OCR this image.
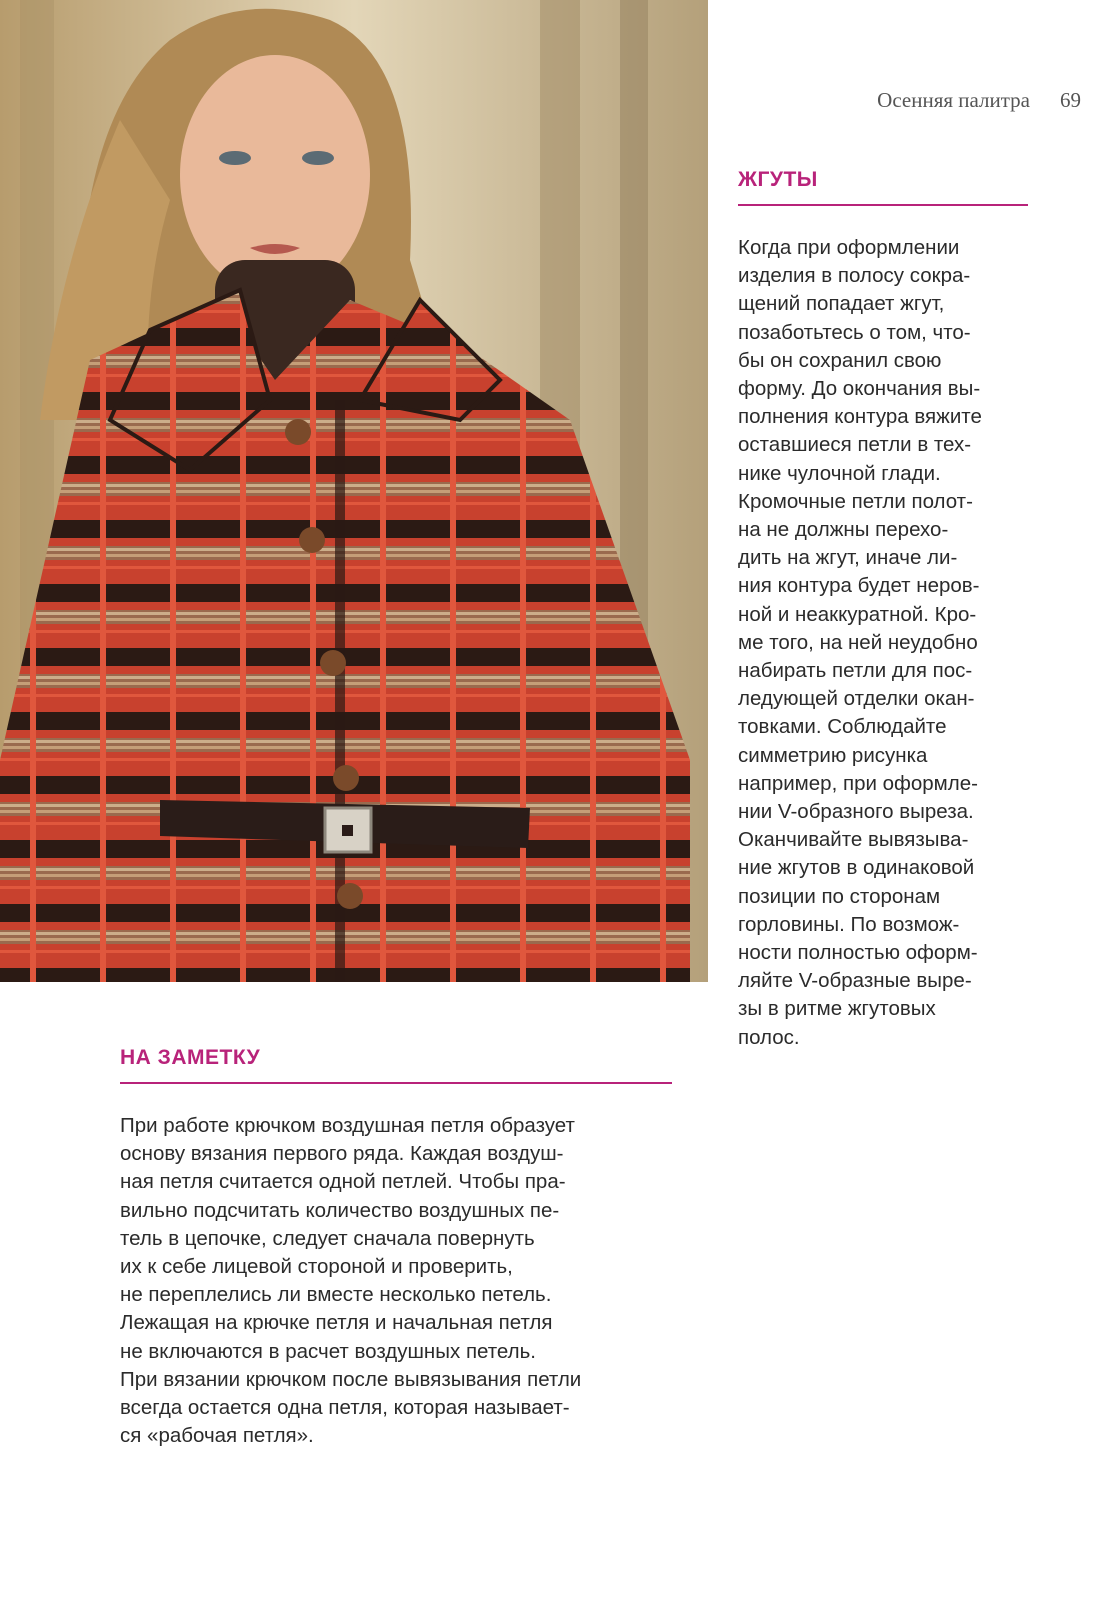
Осенняя палитра 69
ЖГУТЫ
Когда при оформлении
изделия в полосу сокра-
щений попадает жгут,
позаботьтесь о том, что-
бы он сохранил свою
форму. До окончания вы-
полнения контура вяжите
оставшиеся петли в тех-
нике чулочной глади.
Кромочные петли полот-
на не должны перехо-
дить на жгут, иначе ли-
ния контура будет неров-
ной и неаккуратной. Кро-
ме того, на ней неудобно
набирать петли для пос-
ледующей отделки окан-
товками. Соблюдайте
симметрию рисунка
например, при оформле-
нии V-образного выреза.
Оканчивайте вывязыва-
ние жгутов в одинаковой
позиции по сторонам
горловины. По возмож-
ности полностью оформ-
ляйте V-образные выре-
зы в ритме жгутовых
полос.
НА ЗАМЕТКУ
При работе крючком воздушная петля образует
основу вязания первого ряда. Каждая воздуш-
ная петля считается одной петлей. Чтобы пра-
вильно подсчитать количество воздушных пе-
тель в цепочке, следует сначала повернуть
их к себе лицевой стороной и проверить,
не переплелись ли вместе несколько петель.
Лежащая на крючке петля и начальная петля
не включаются в расчет воздушных петель.
При вязании крючком после вывязывания петли
всегда остается одна петля, которая называет-
ся «рабочая петля».
